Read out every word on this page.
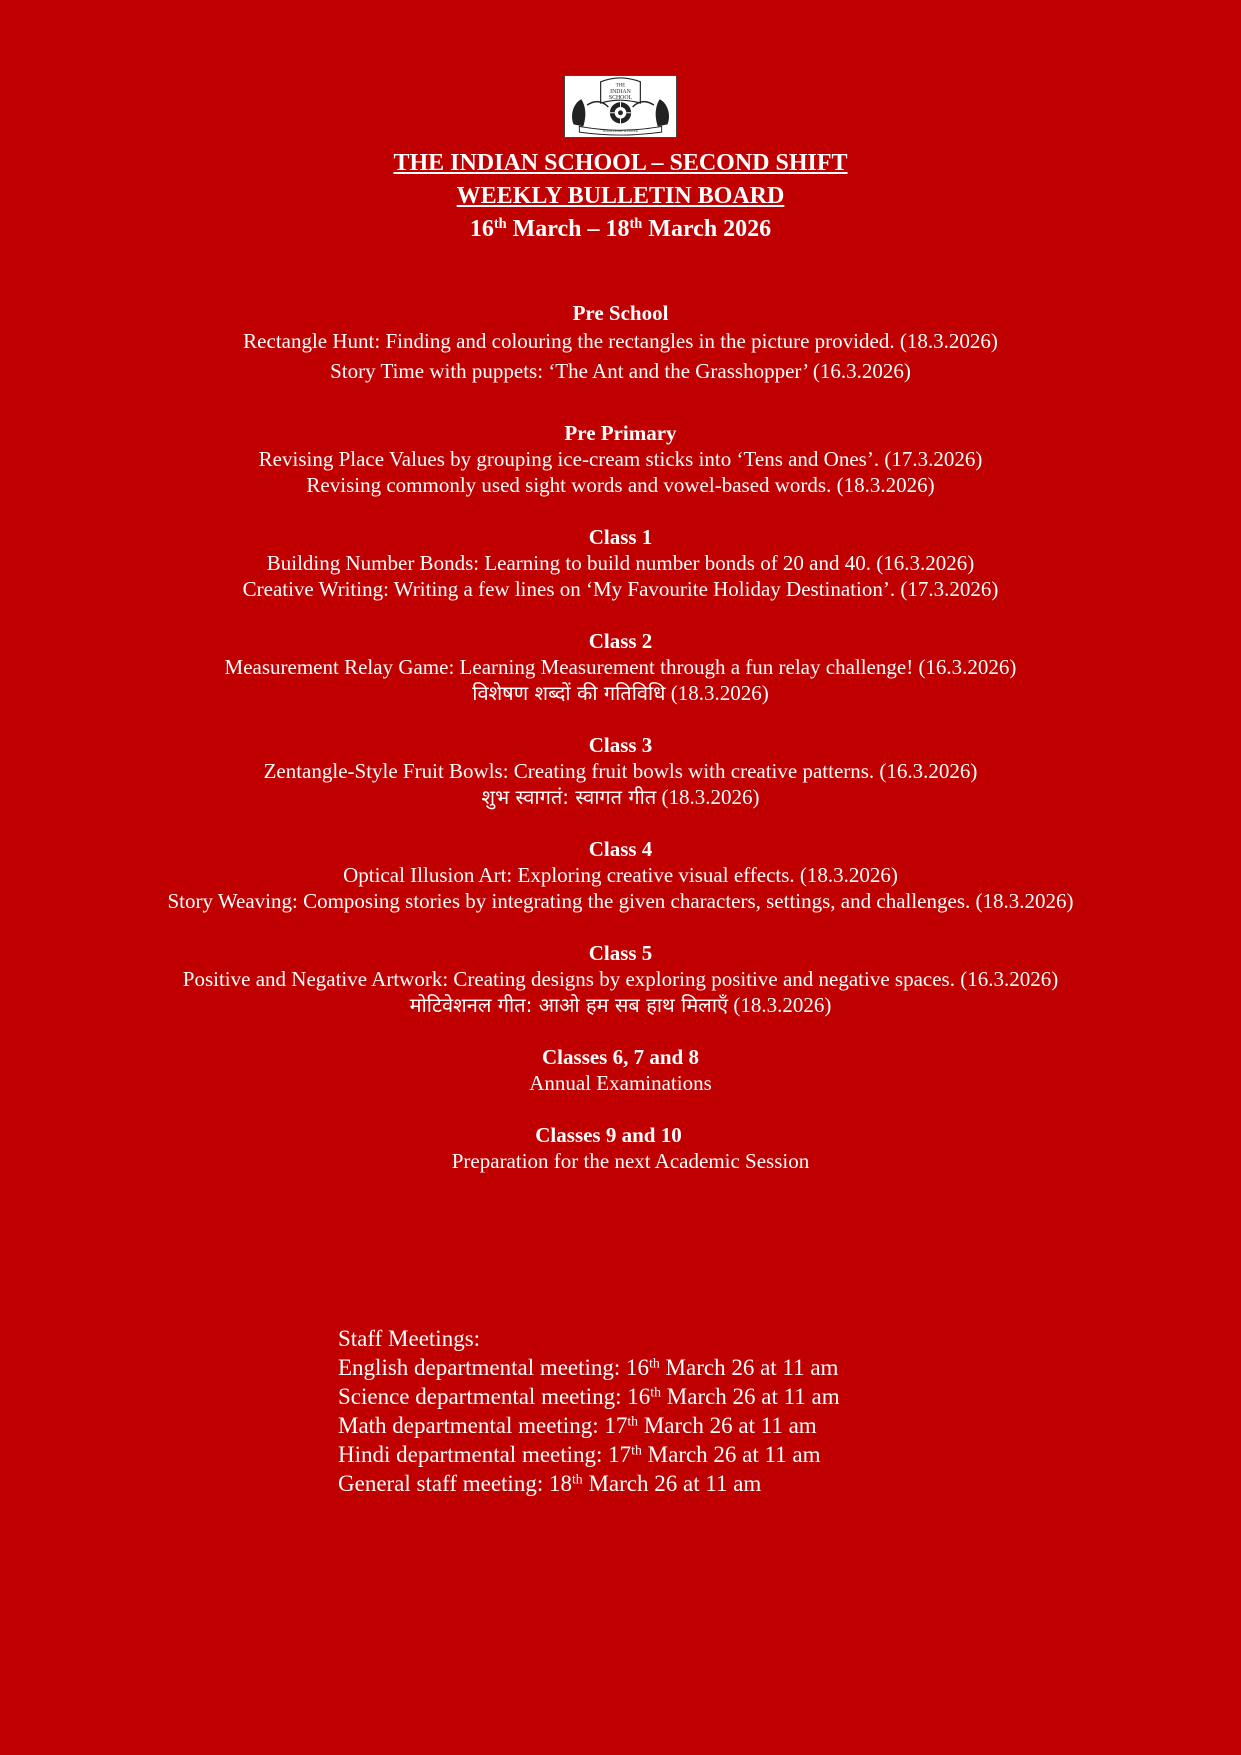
THE
INDIAN
SCHOOL
KNOWLEDGE IS POWER
THE INDIAN SCHOOL – SECOND SHIFT
WEEKLY BULLETIN BOARD
16th March – 18th March 2026
Pre School
Rectangle Hunt: Finding and colouring the rectangles in the picture provided. (18.3.2026)
Story Time with puppets: ‘The Ant and the Grasshopper’ (16.3.2026)
Pre Primary
Revising Place Values by grouping ice-cream sticks into ‘Tens and Ones’. (17.3.2026)
Revising commonly used sight words and vowel-based words. (18.3.2026)
Class 1
Building Number Bonds: Learning to build number bonds of 20 and 40. (16.3.2026)
Creative Writing: Writing a few lines on ‘My Favourite Holiday Destination’. (17.3.2026)
Class 2
Measurement Relay Game: Learning Measurement through a fun relay challenge! (16.3.2026)
विशेषण शब्दों की गतिविधि (18.3.2026)
Class 3
Zentangle-Style Fruit Bowls: Creating fruit bowls with creative patterns. (16.3.2026)
शुभ स्वागतं: स्वागत गीत (18.3.2026)
Class 4
Optical Illusion Art: Exploring creative visual effects. (18.3.2026)
Story Weaving: Composing stories by integrating the given characters, settings, and challenges. (18.3.2026)
Class 5
Positive and Negative Artwork: Creating designs by exploring positive and negative spaces. (16.3.2026)
मोटिवेशनल गीत: आओ हम सब हाथ मिलाएँ (18.3.2026)
Classes 6, 7 and 8
Annual Examinations
Classes 9 and 10
Preparation for the next Academic Session
Staff Meetings:
English departmental meeting: 16th March 26 at 11 am
Science departmental meeting: 16th March 26 at 11 am
Math departmental meeting: 17th March 26 at 11 am
Hindi departmental meeting: 17th March 26 at 11 am
General staff meeting: 18th March 26 at 11 am
